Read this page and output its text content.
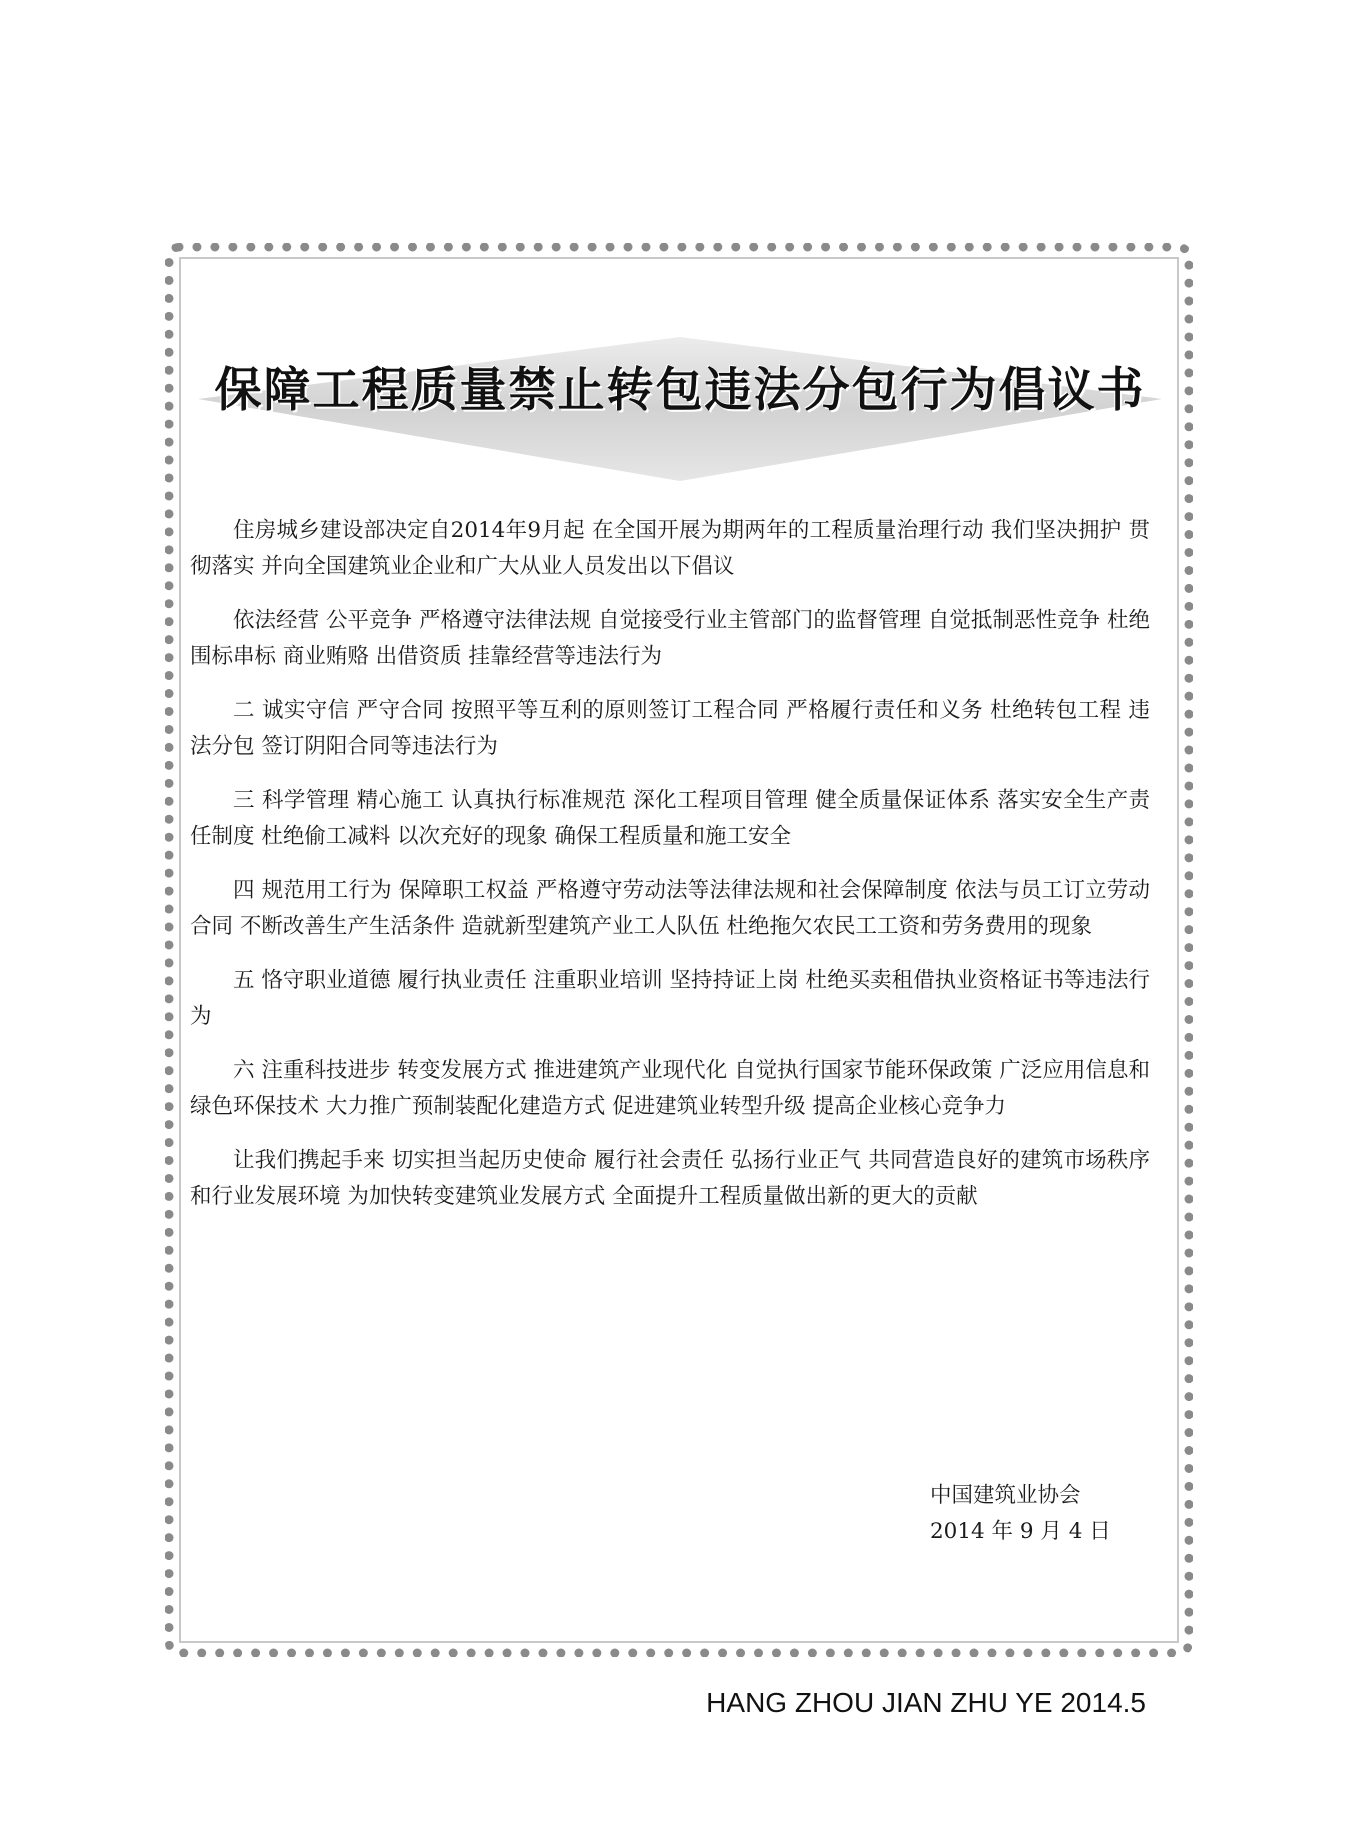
保障工程质量禁止转包违法分包行为倡议书

住房城乡建设部决定自2014年9月起 在全国开展为期两年的工程质量治理行动 我们坚决拥护 贯彻落实 并向全国建筑业企业和广大从业人员发出以下倡议

依法经营 公平竞争 严格遵守法律法规 自觉接受行业主管部门的监督管理 自觉抵制恶性竞争 杜绝围标串标 商业贿赂 出借资质 挂靠经营等违法行为

二 诚实守信 严守合同 按照平等互利的原则签订工程合同 严格履行责任和义务 杜绝转包工程 违法分包 签订阴阳合同等违法行为

三 科学管理 精心施工 认真执行标准规范 深化工程项目管理 健全质量保证体系 落实安全生产责任制度 杜绝偷工减料 以次充好的现象 确保工程质量和施工安全

四 规范用工行为 保障职工权益 严格遵守劳动法等法律法规和社会保障制度 依法与员工订立劳动合同 不断改善生产生活条件 造就新型建筑产业工人队伍 杜绝拖欠农民工工资和劳务费用的现象

五 恪守职业道德 履行执业责任 注重职业培训 坚持持证上岗 杜绝买卖租借执业资格证书等违法行为

六 注重科技进步 转变发展方式 推进建筑产业现代化 自觉执行国家节能环保政策 广泛应用信息和绿色环保技术 大力推广预制装配化建造方式 促进建筑业转型升级 提高企业核心竞争力

让我们携起手来 切实担当起历史使命 履行社会责任 弘扬行业正气 共同营造良好的建筑市场秩序和行业发展环境 为加快转变建筑业发展方式 全面提升工程质量做出新的更大的贡献

中国建筑业协会
2014 年 9 月 4 日
HANG ZHOU JIAN ZHU YE 2014.5
